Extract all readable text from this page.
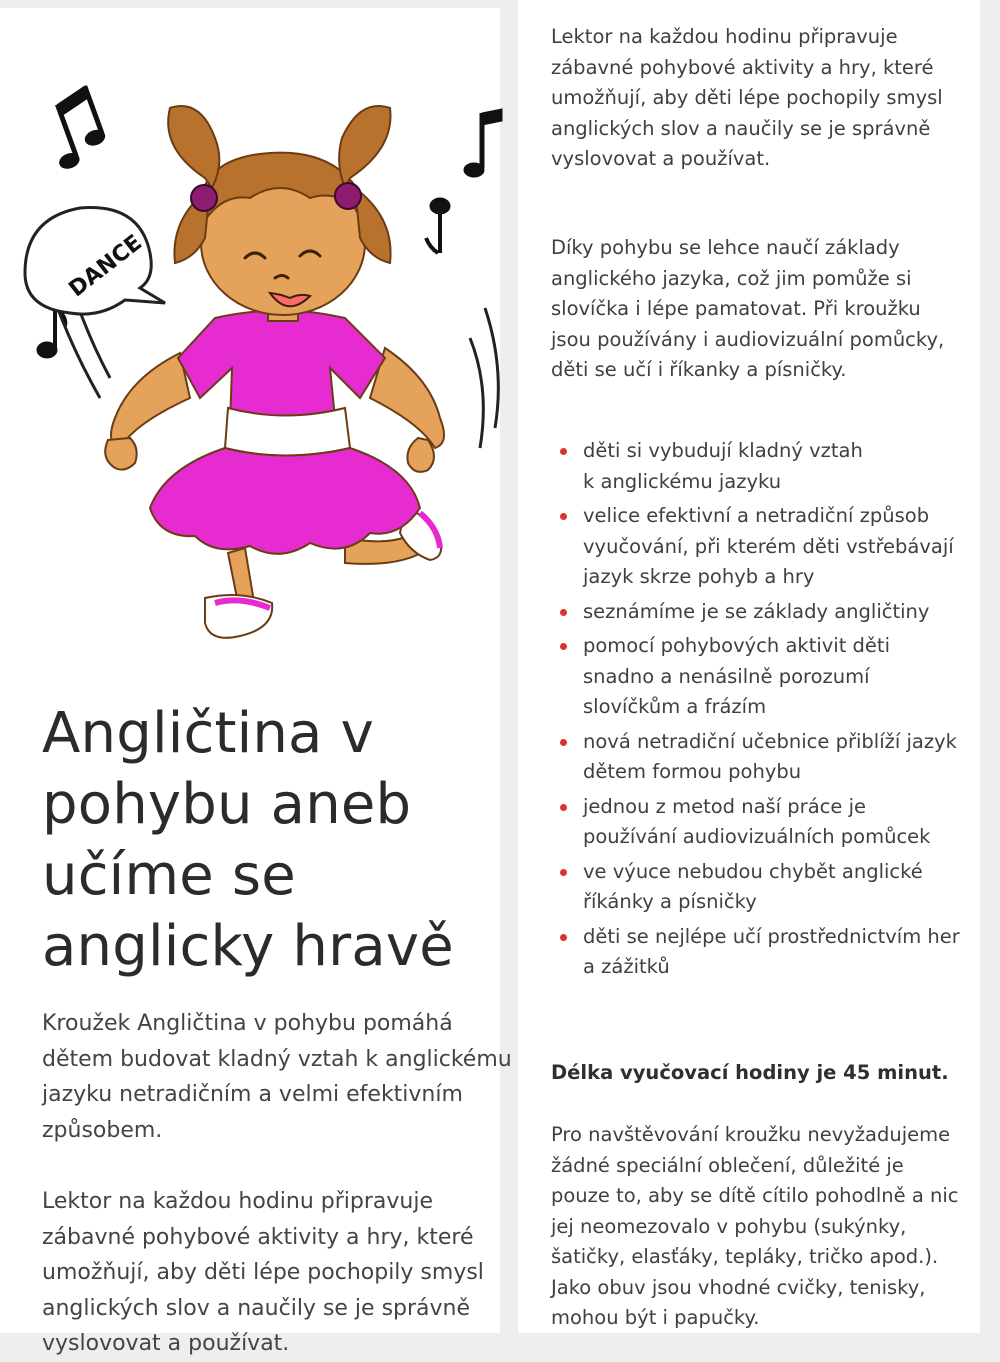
DANCE
Angličtina v pohybu aneb učíme se anglicky hravě

Kroužek Angličtina v pohybu pomáhá
dětem budovat kladný vztah k anglickému
jazyku netradičním a velmi efektivním
způsobem.

Lektor na každou hodinu připravuje
zábavné pohybové aktivity a hry, které
umožňují, aby děti lépe pochopily smysl
anglických slov a naučily se je správně
vyslovovat a používat.

Lektor na každou hodinu připravuje
zábavné pohybové aktivity a hry, které
umožňují, aby děti lépe pochopily smysl
anglických slov a naučily se je správně
vyslovovat a používat.

Díky pohybu se lehce naučí základy
anglického jazyka, což jim pomůže si
slovíčka i lépe pamatovat. Při kroužku
jsou používány i audiovizuální pomůcky,
děti se učí i říkanky a písničky.

děti si vybudují kladný vztah
k anglickému jazyku
velice efektivní a netradiční způsob
vyučování, při kterém děti vstřebávají
jazyk skrze pohyb a hry
seznámíme je se základy angličtiny
pomocí pohybových aktivit děti
snadno a nenásilně porozumí
slovíčkům a frázím
nová netradiční učebnice přiblíží jazyk
dětem formou pohybu
jednou z metod naší práce je
používání audiovizuálních pomůcek
ve výuce nebudou chybět anglické
říkánky a písničky
děti se nejlépe učí prostřednictvím her
a zážitků

Délka vyučovací hodiny je 45 minut.

Pro navštěvování kroužku nevyžadujeme
žádné speciální oblečení, důležité je
pouze to, aby se dítě cítilo pohodlně a nic
jej neomezovalo v pohybu (sukýnky,
šatičky, elasťáky, tepláky, tričko apod.).
Jako obuv jsou vhodné cvičky, tenisky,
mohou být i papučky.
